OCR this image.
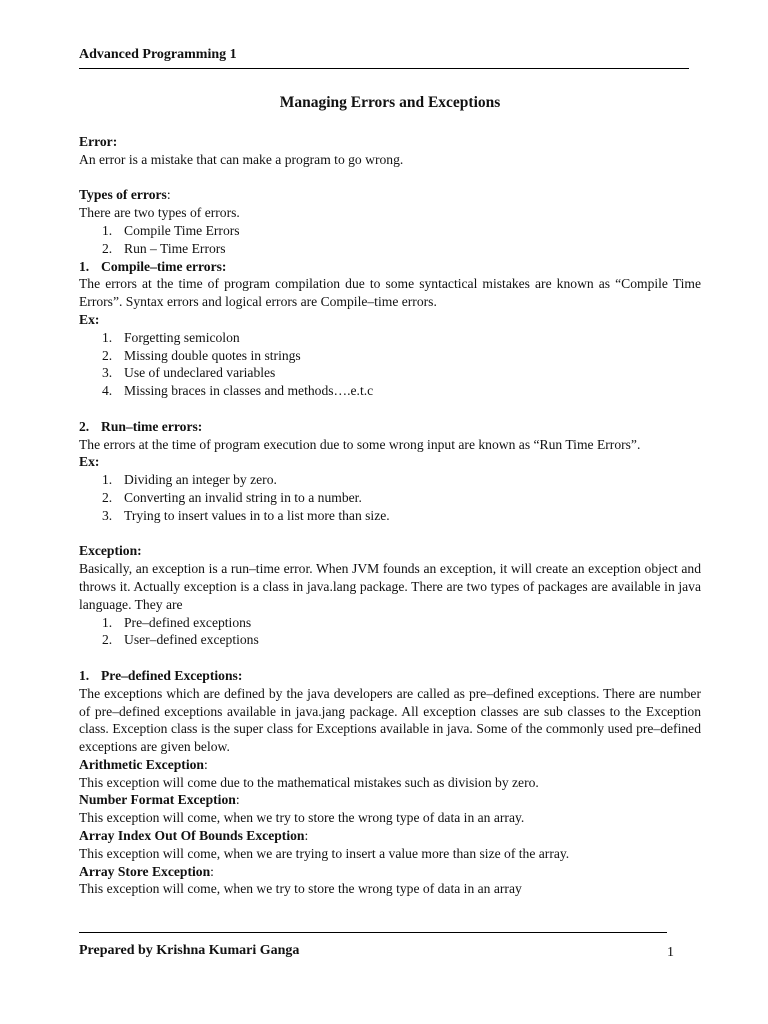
Advanced Programming 1
Managing Errors and Exceptions

Error:

An error is a mistake that can make a program to go wrong.

Types of errors:

There are two types of errors.

1. Compile Time Errors
2. Run – Time Errors

1. Compile–time errors:

The errors at the time of program compilation due to some syntactical mistakes are known as “Compile Time Errors”. Syntax errors and logical errors are Compile–time errors.

Ex:

1. Forgetting semicolon
2. Missing double quotes in strings
3. Use of undeclared variables
4. Missing braces in classes and methods….e.t.c

2. Run–time errors:

The errors at the time of program execution due to some wrong input are known as “Run Time Errors”.

Ex:

1. Dividing an integer by zero.
2. Converting an invalid string in to a number.
3. Trying to insert values in to a list more than size.

Exception:

Basically, an exception is a run–time error. When JVM founds an exception, it will create an exception object and throws it. Actually exception is a class in java.lang package. There are two types of packages are available in java language. They are

1. Pre–defined exceptions
2. User–defined exceptions

1. Pre–defined Exceptions:

The exceptions which are defined by the java developers are called as pre–defined exceptions. There are number of pre–defined exceptions available in java.jang package. All exception classes are sub classes to the Exception class. Exception class is the super class for Exceptions available in java. Some of the commonly used pre–defined exceptions are given below.

Arithmetic Exception:

This exception will come due to the mathematical mistakes such as division by zero.

Number Format Exception:

This exception will come, when we try to store the wrong type of data in an array.

Array Index Out Of Bounds Exception:

This exception will come, when we are trying to insert a value more than size of the array.

Array Store Exception:

This exception will come, when we try to store the wrong type of data in an array

Prepared by Krishna Kumari Ganga	1
